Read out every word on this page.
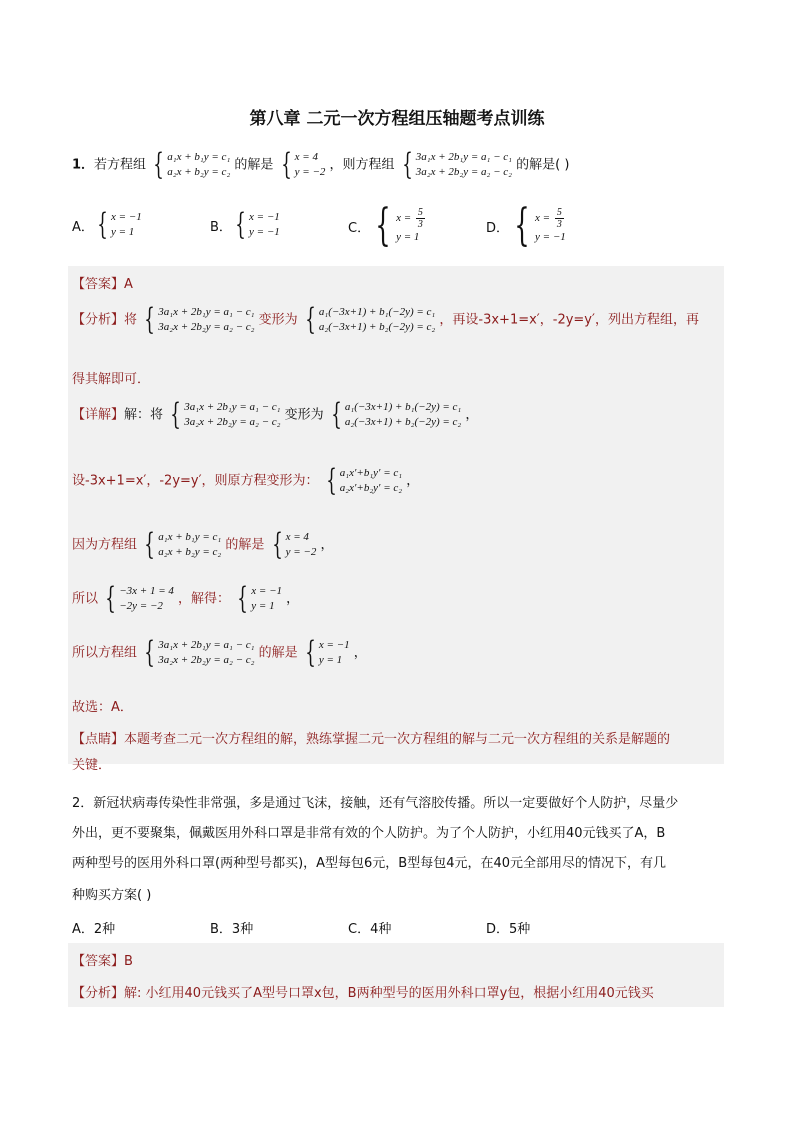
第八章 二元一次方程组压轴题考点训练
1．若方程组 { a₁x + b₁y = c₁
a₂x + b₂y = c₂ 的解是 { x = 4
y = −2 ，则方程组 { 3a₁x + 2b₁y = a₁ − c₁
3a₂x + 2b₂y = a₂ − c₂ 的解是( )
A． { x = −1
y = 1	B． { x = −1
y = −1	C． { $x = \frac{5}{3}$
y = 1
D． { $x = \frac{5}{3}$
y = −1
【答案】A
【分析】将 { 3a₁x + 2b₁y = a₁ − c₁
3a₂x + 2b₂y = a₂ − c₂ 变形为 { a₁(−3x+1) + b₁(−2y) = c₁
a₂(−3x+1) + b₂(−2y) = c₂ ，再设-3x+1=x′，-2y=y′，列出方程组，再
得其解即可．
【详解】解：将 { 3a₁x + 2b₁y = a₁ − c₁
3a₂x + 2b₂y = a₂ − c₂ 变形为 { a₁(−3x+1) + b₁(−2y) = c₁
a₂(−3x+1) + b₂(−2y) = c₂ ，
设-3x+1=x′，-2y=y′，则原方程变形为： { a₁x′+b₁y′ = c₁
a₂x′+b₂y′ = c₂ ，
因为方程组 { a₁x + b₁y = c₁
a₂x + b₂y = c₂ 的解是 { x = 4
y = −2 ，
所以 { −3x + 1 = 4
−2y = −2	，解得： { x = −1
y = 1 ，
所以方程组 { 3a₁x + 2b₁y = a₁ − c₁
3a₂x + 2b₂y = a₂ − c₂ 的解是 { x = −1
y = 1 ，
故选：A．
【点睛】本题考查二元一次方程组的解，熟练掌握二元一次方程组的解与二元一次方程组的关系是解题的
关键．
2．新冠状病毒传染性非常强，多是通过飞沫，接触，还有气溶胶传播。所以一定要做好个人防护，尽量少
外出，更不要聚集，佩戴医用外科口罩是非常有效的个人防护。为了个人防护，小红用40元钱买了A，B
两种型号的医用外科口罩(两种型号都买)，A型每包6元，B型每包4元，在40元全部用尽的情况下，有几
种购买方案( )
A．2种	B．3种	C．4种	D．5种
【答案】B
【分析】解: 小红用40元钱买了A型号口罩x包，B两种型号的医用外科口罩y包，根据小红用40元钱买
